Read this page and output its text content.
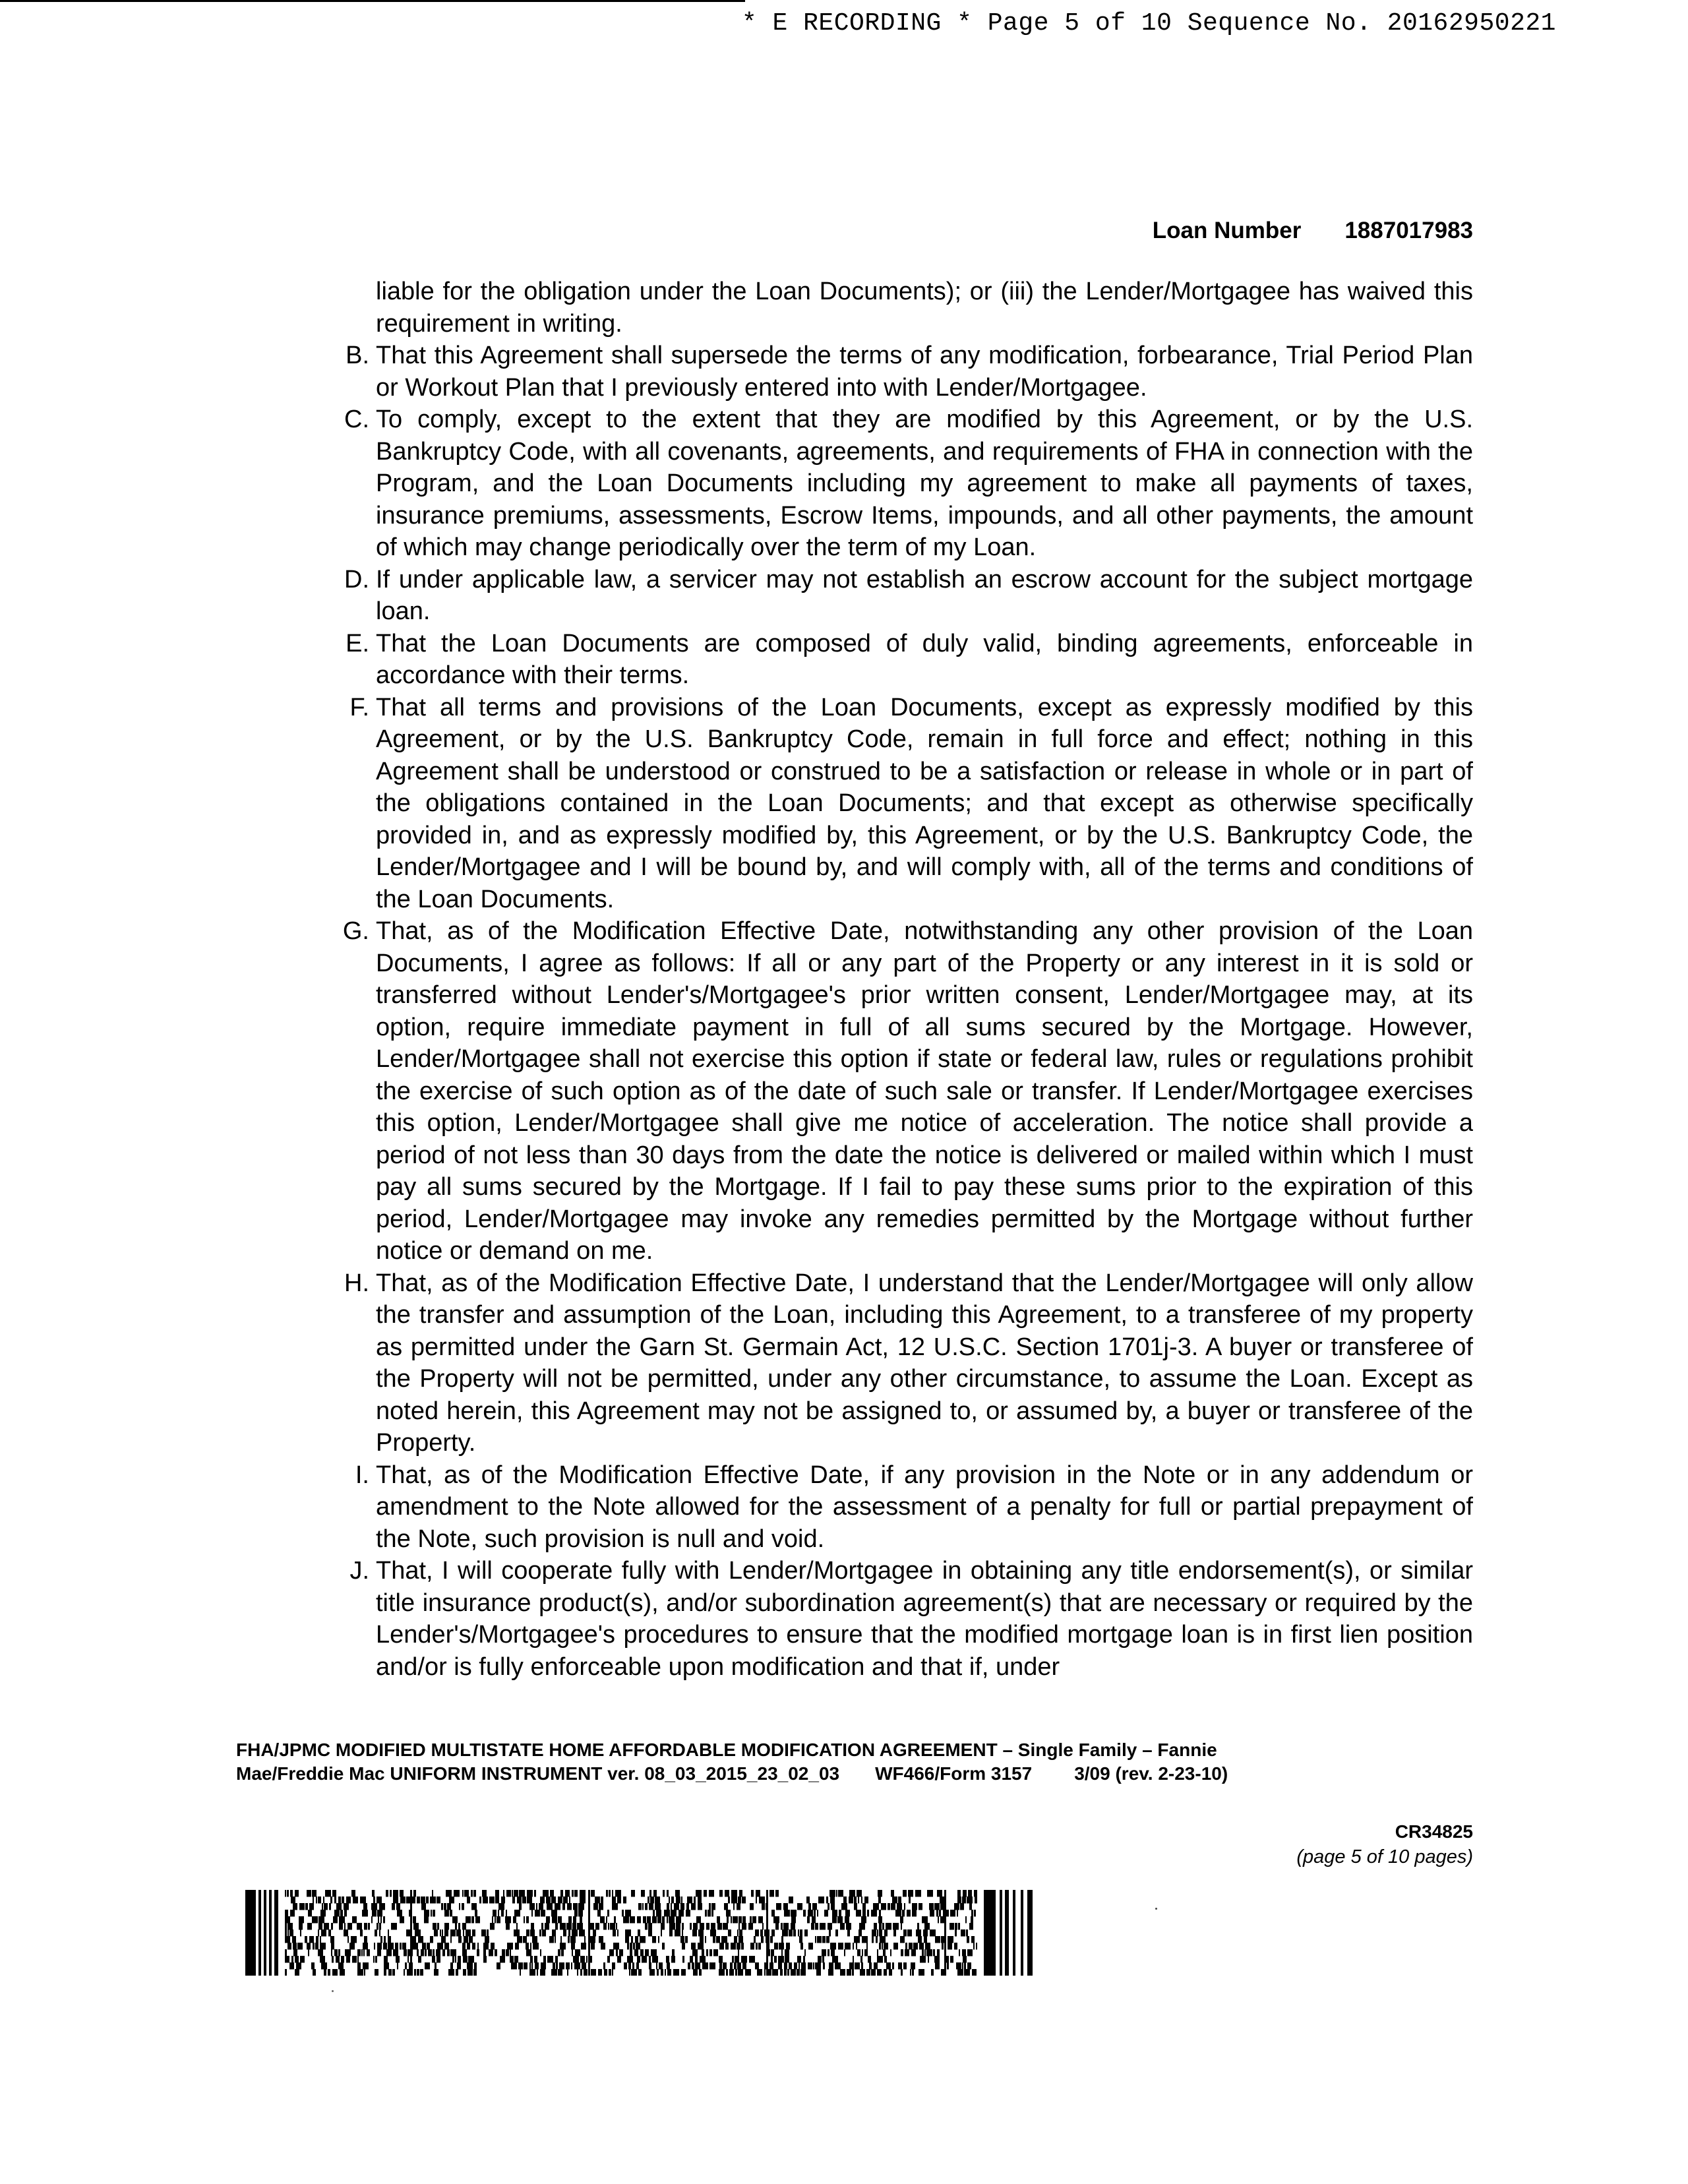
* E RECORDING * Page 5 of 10 Sequence No. 20162950221
Loan Number 1887017983

liable for the obligation under the Loan Documents); or (iii) the Lender/Mortgagee has waived this requirement in writing.

B. That this Agreement shall supersede the terms of any modification, forbearance, Trial Period Plan or Workout Plan that I previously entered into with Lender/Mortgagee.

C. To comply, except to the extent that they are modified by this Agreement, or by the U.S. Bankruptcy Code, with all covenants, agreements, and requirements of FHA in connection with the Program, and the Loan Documents including my agreement to make all payments of taxes, insurance premiums, assessments, Escrow Items, impounds, and all other payments, the amount of which may change periodically over the term of my Loan.

D. If under applicable law, a servicer may not establish an escrow account for the subject mortgage loan.

E. That the Loan Documents are composed of duly valid, binding agreements, enforceable in accordance with their terms.

F. That all terms and provisions of the Loan Documents, except as expressly modified by this Agreement, or by the U.S. Bankruptcy Code, remain in full force and effect; nothing in this Agreement shall be understood or construed to be a satisfaction or release in whole or in part of the obligations contained in the Loan Documents; and that except as otherwise specifically provided in, and as expressly modified by, this Agreement, or by the U.S. Bankruptcy Code, the Lender/Mortgagee and I will be bound by, and will comply with, all of the terms and conditions of the Loan Documents.

G. That, as of the Modification Effective Date, notwithstanding any other provision of the Loan Documents, I agree as follows: If all or any part of the Property or any interest in it is sold or transferred without Lender's/Mortgagee's prior written consent, Lender/Mortgagee may, at its option, require immediate payment in full of all sums secured by the Mortgage. However, Lender/Mortgagee shall not exercise this option if state or federal law, rules or regulations prohibit the exercise of such option as of the date of such sale or transfer. If Lender/Mortgagee exercises this option, Lender/Mortgagee shall give me notice of acceleration. The notice shall provide a period of not less than 30 days from the date the notice is delivered or mailed within which I must pay all sums secured by the Mortgage. If I fail to pay these sums prior to the expiration of this period, Lender/Mortgagee may invoke any remedies permitted by the Mortgage without further notice or demand on me.

H. That, as of the Modification Effective Date, I understand that the Lender/Mortgagee will only allow the transfer and assumption of the Loan, including this Agreement, to a transferee of my property as permitted under the Garn St. Germain Act, 12 U.S.C. Section 1701j-3. A buyer or transferee of the Property will not be permitted, under any other circumstance, to assume the Loan. Except as noted herein, this Agreement may not be assigned to, or assumed by, a buyer or transferee of the Property.

I. That, as of the Modification Effective Date, if any provision in the Note or in any addendum or amendment to the Note allowed for the assessment of a penalty for full or partial prepayment of the Note, such provision is null and void.

J. That, I will cooperate fully with Lender/Mortgagee in obtaining any title endorsement(s), or similar title insurance product(s), and/or subordination agreement(s) that are necessary or required by the Lender's/Mortgagee's procedures to ensure that the modified mortgage loan is in first lien position and/or is fully enforceable upon modification and that if, under

FHA/JPMC MODIFIED MULTISTATE HOME AFFORDABLE MODIFICATION AGREEMENT – Single Family – Fannie
Mae/Freddie Mac UNIFORM INSTRUMENT ver. 08_03_2015_23_02_03 WF466/Form 3157 3/09 (rev. 2-23-10)
CR34825
(page 5 of 10 pages)
